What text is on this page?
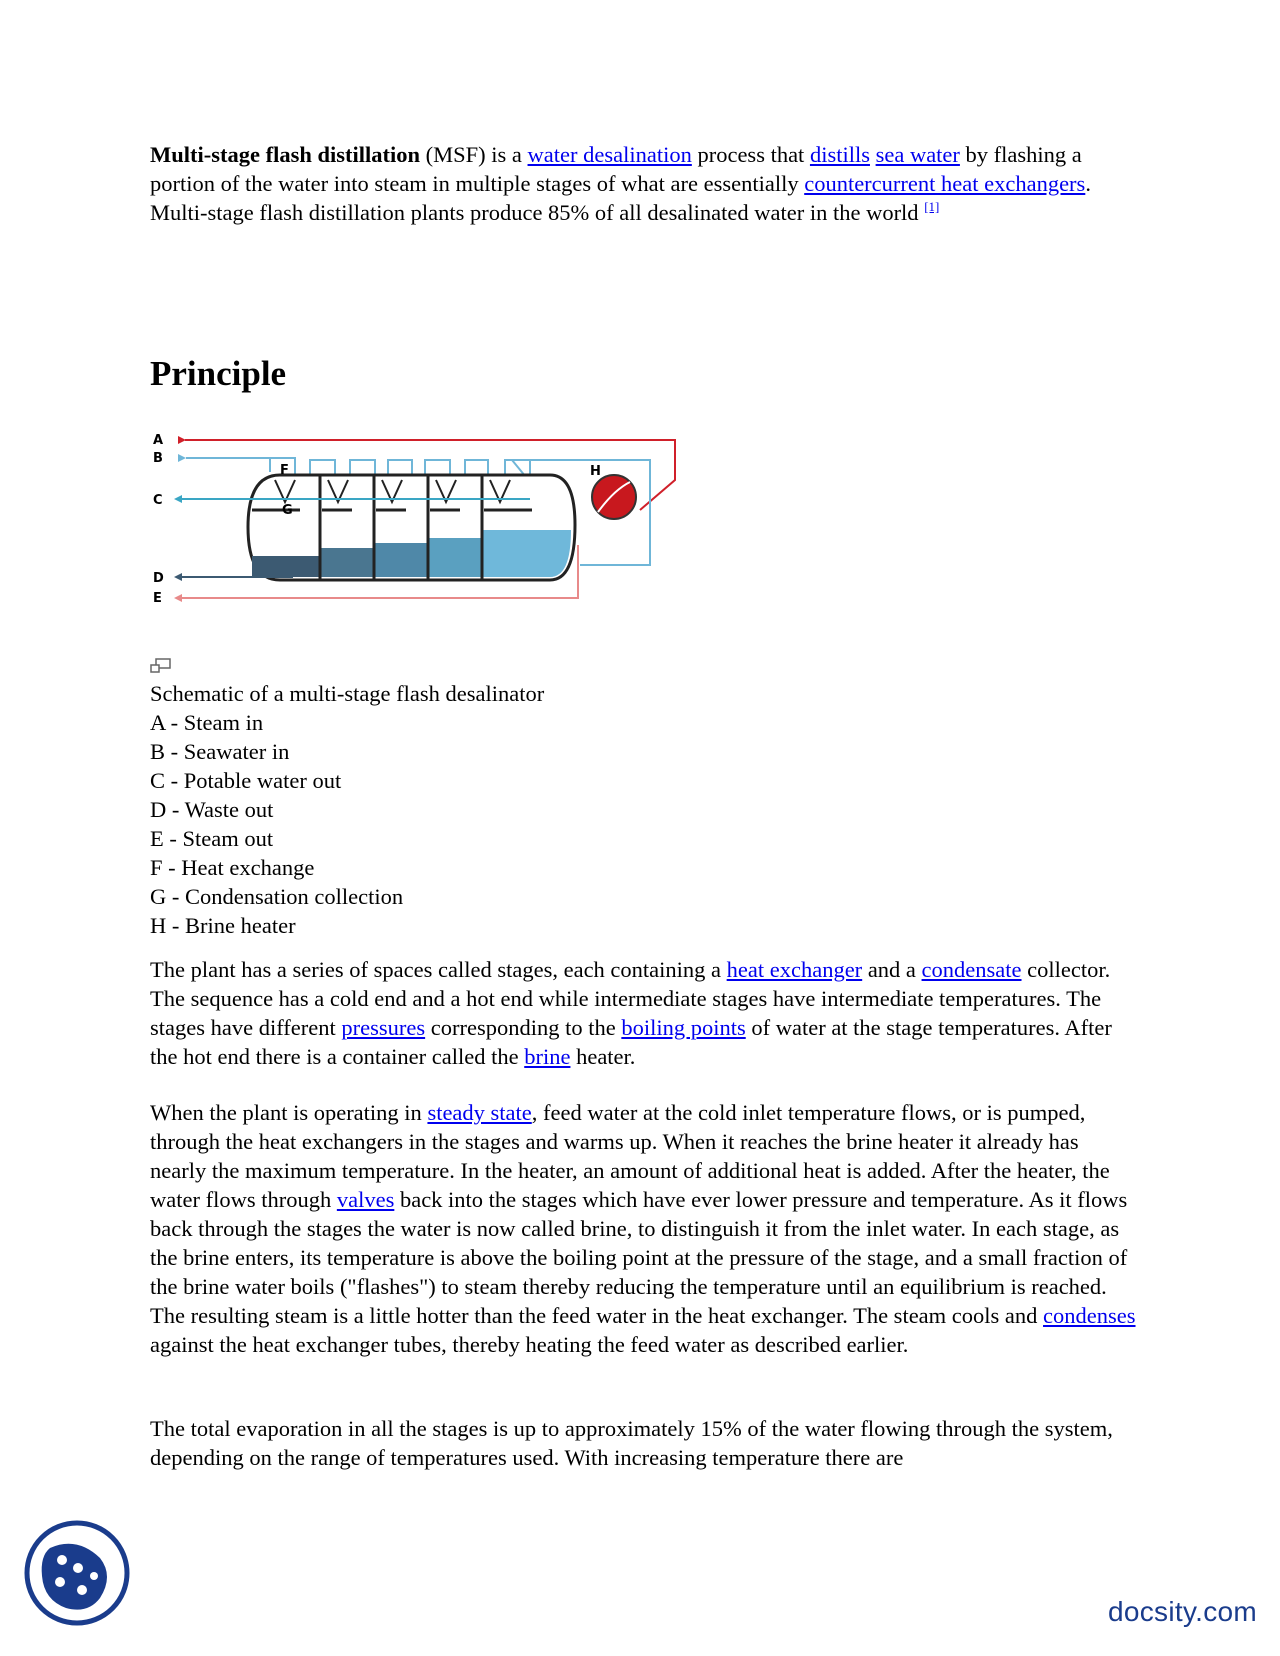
Multi-stage flash distillation (MSF) is a water desalination process that distills sea water by flashing a portion of the water into steam in multiple stages of what are essentially countercurrent heat exchangers. Multi-stage flash distillation plants produce 85% of all desalinated water in the world [1]

Principle
A
B
C
D
E
F
G
H
Schematic of a multi-stage flash desalinator
A - Steam in
B - Seawater in
C - Potable water out
D - Waste out
E - Steam out
F - Heat exchange
G - Condensation collection
H - Brine heater
The plant has a series of spaces called stages, each containing a heat exchanger and a condensate collector. The sequence has a cold end and a hot end while intermediate stages have intermediate temperatures. The stages have different pressures corresponding to the boiling points of water at the stage temperatures. After the hot end there is a container called the brine heater.
When the plant is operating in steady state, feed water at the cold inlet temperature flows, or is pumped, through the heat exchangers in the stages and warms up. When it reaches the brine heater it already has nearly the maximum temperature. In the heater, an amount of additional heat is added. After the heater, the water flows through valves back into the stages which have ever lower pressure and temperature. As it flows back through the stages the water is now called brine, to distinguish it from the inlet water. In each stage, as the brine enters, its temperature is above the boiling point at the pressure of the stage, and a small fraction of the brine water boils ("flashes") to steam thereby reducing the temperature until an equilibrium is reached. The resulting steam is a little hotter than the feed water in the heat exchanger. The steam cools and condenses against the heat exchanger tubes, thereby heating the feed water as described earlier.
The total evaporation in all the stages is up to approximately 15% of the water flowing through the system, depending on the range of temperatures used. With increasing temperature there are
docsity.com
